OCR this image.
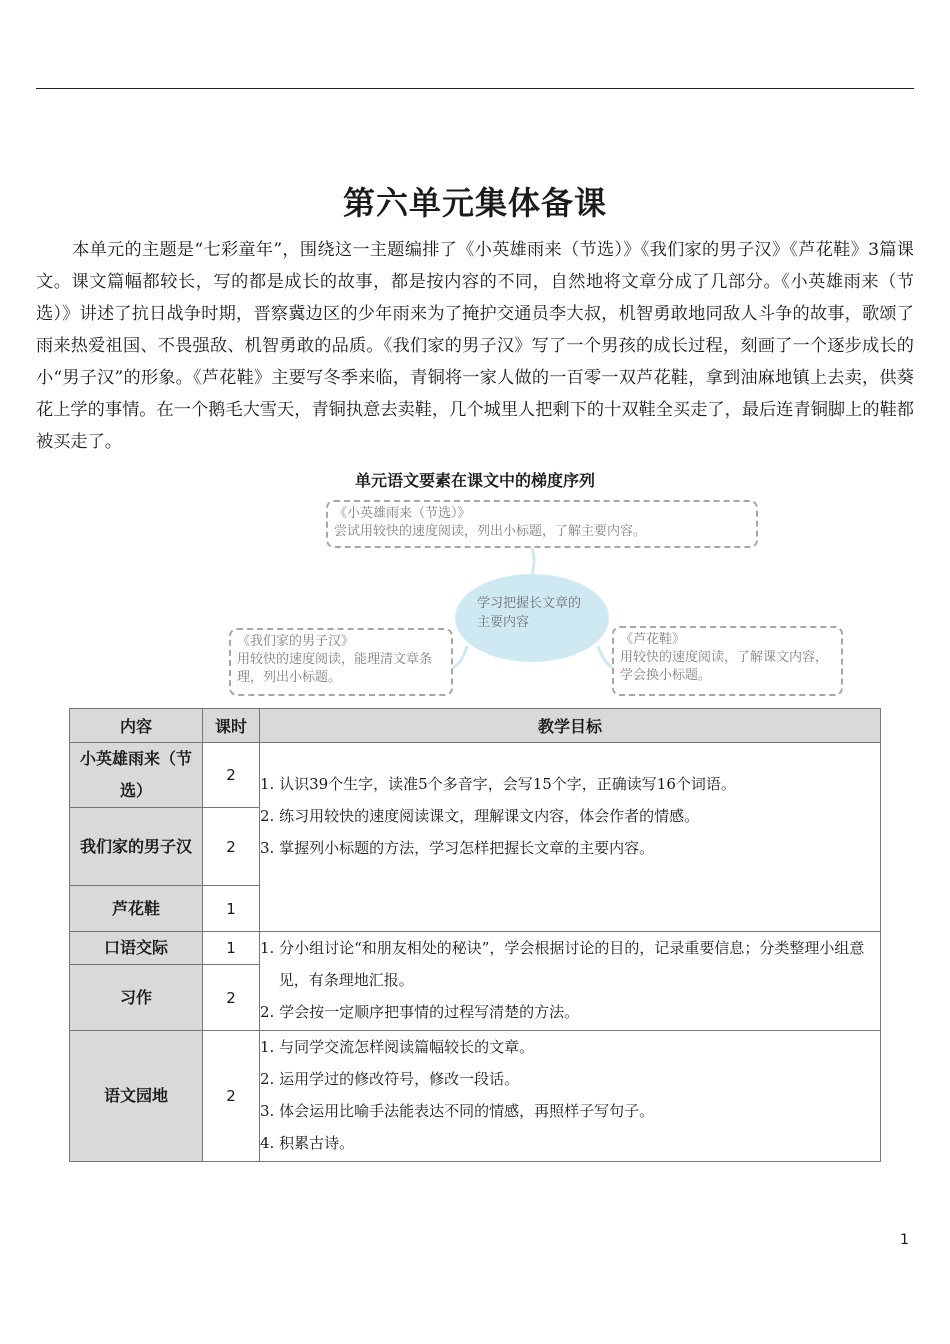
第六单元集体备课

本单元的主题是“七彩童年”，围绕这一主题编排了《小英雄雨来（节选）》《我们家的男子汉》《芦花鞋》3篇课文。课文篇幅都较长，写的都是成长的故事，都是按内容的不同，自然地将文章分成了几部分。《小英雄雨来（节选）》讲述了抗日战争时期，晋察冀边区的少年雨来为了掩护交通员李大叔，机智勇敢地同敌人斗争的故事，歌颂了雨来热爱祖国、不畏强敌、机智勇敢的品质。《我们家的男子汉》写了一个男孩的成长过程，刻画了一个逐步成长的小“男子汉”的形象。《芦花鞋》主要写冬季来临，青铜将一家人做的一百零一双芦花鞋，拿到油麻地镇上去卖，供葵花上学的事情。在一个鹅毛大雪天，青铜执意去卖鞋，几个城里人把剩下的十双鞋全买走了，最后连青铜脚上的鞋都被买走了。

单元语文要素在课文中的梯度序列
《小英雄雨来（节选）》
尝试用较快的速度阅读，列出小标题，了解主要内容。
学习把握长文章的主要内容
《我们家的男子汉》
用较快的速度阅读，能理清文章条理，列出小标题。
《芦花鞋》
用较快的速度阅读，了解课文内容，学会换小标题。
内容	课时	教学目标
小英雄雨来（节选）	2	1. 认识39个生字，读准5个多音字，会写15个字，正确读写16个词语。
2. 练习用较快的速度阅读课文，理解课文内容，体会作者的情感。
3. 掌握列小标题的方法，学习怎样把握长文章的主要内容。

我们家的男子汉	2	
芦花鞋	1	
口语交际	1	1. 分小组讨论“和朋友相处的秘诀”，学会根据讨论的目的，记录重要信息；分类整理小组意见，有条理地汇报。
2. 学会按一定顺序把事情的过程写清楚的方法。

习作	2	
语文园地	2	1. 与同学交流怎样阅读篇幅较长的文章。
2. 运用学过的修改符号，修改一段话。
3. 体会运用比喻手法能表达不同的情感，再照样子写句子。
4. 积累古诗。
1
